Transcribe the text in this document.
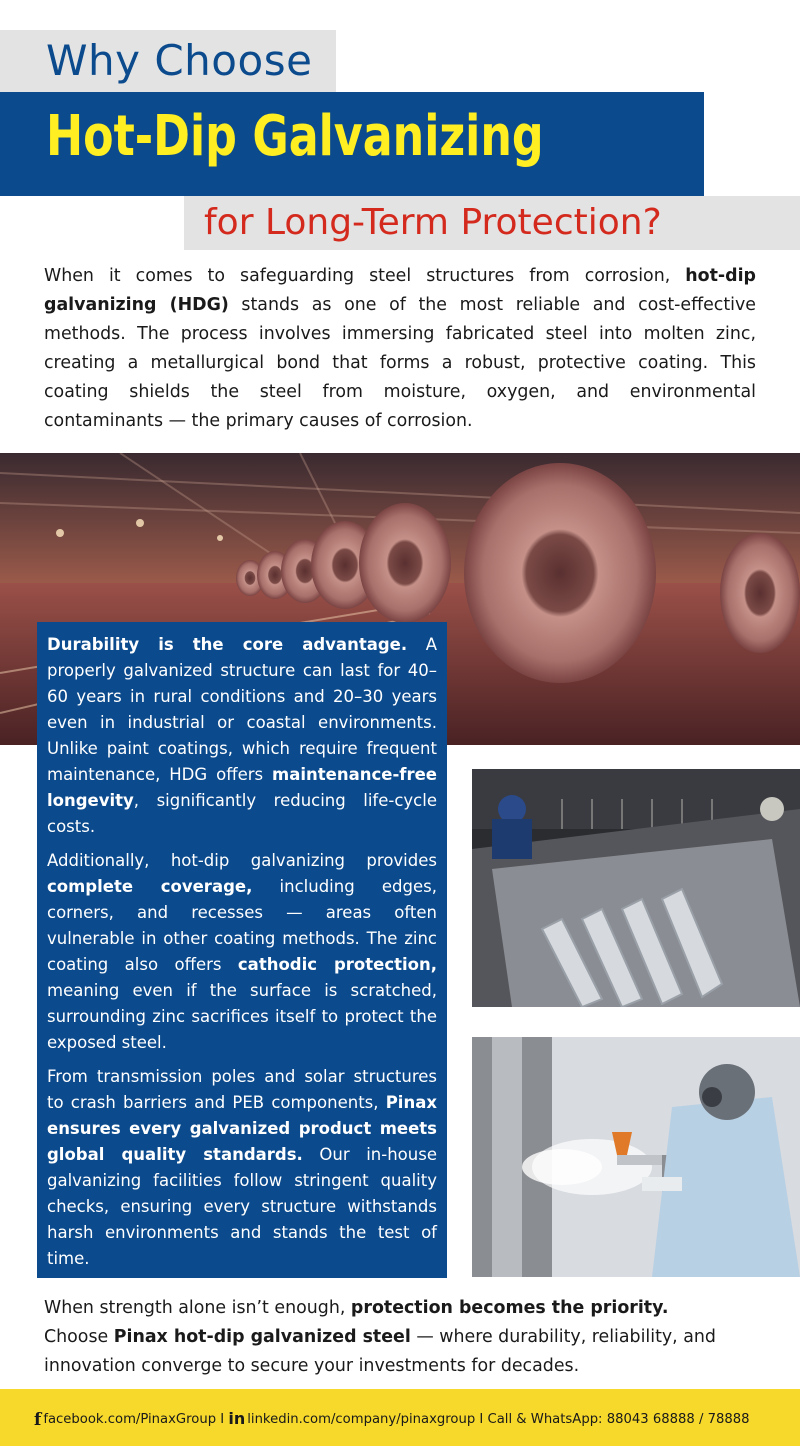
Why Choose
Hot-Dip Galvanizing
for Long-Term Protection?
When it comes to safeguarding steel structures from corrosion, hot-dip galvanizing (HDG) stands as one of the most reliable and cost-effective methods. The process involves immersing fabricated steel into molten zinc, creating a metallurgical bond that forms a robust, protective coating. This coating shields the steel from moisture, oxygen, and environmental contaminants — the primary causes of corrosion.

Durability is the core advantage. A properly galvanized structure can last for 40–60 years in rural conditions and 20–30 years even in industrial or coastal environments. Unlike paint coatings, which require frequent maintenance, HDG offers maintenance-free longevity, significantly reducing life-cycle costs.

Additionally, hot-dip galvanizing provides complete coverage, including edges, corners, and recesses — areas often vulnerable in other coating methods. The zinc coating also offers cathodic protection, meaning even if the surface is scratched, surrounding zinc sacrifices itself to protect the exposed steel.

From transmission poles and solar structures to crash barriers and PEB components, Pinax ensures every galvanized product meets global quality standards. Our in-house galvanizing facilities follow stringent quality checks, ensuring every structure withstands harsh environments and stands the test of time.

When strength alone isn’t enough, protection becomes the priority.
Choose Pinax hot-dip galvanized steel — where durability, reliability, and innovation converge to secure your investments for decades.
f facebook.com/PinaxGroup I in linkedin.com/company/pinaxgroup I Call & WhatsApp: 88043 68888 / 78888
